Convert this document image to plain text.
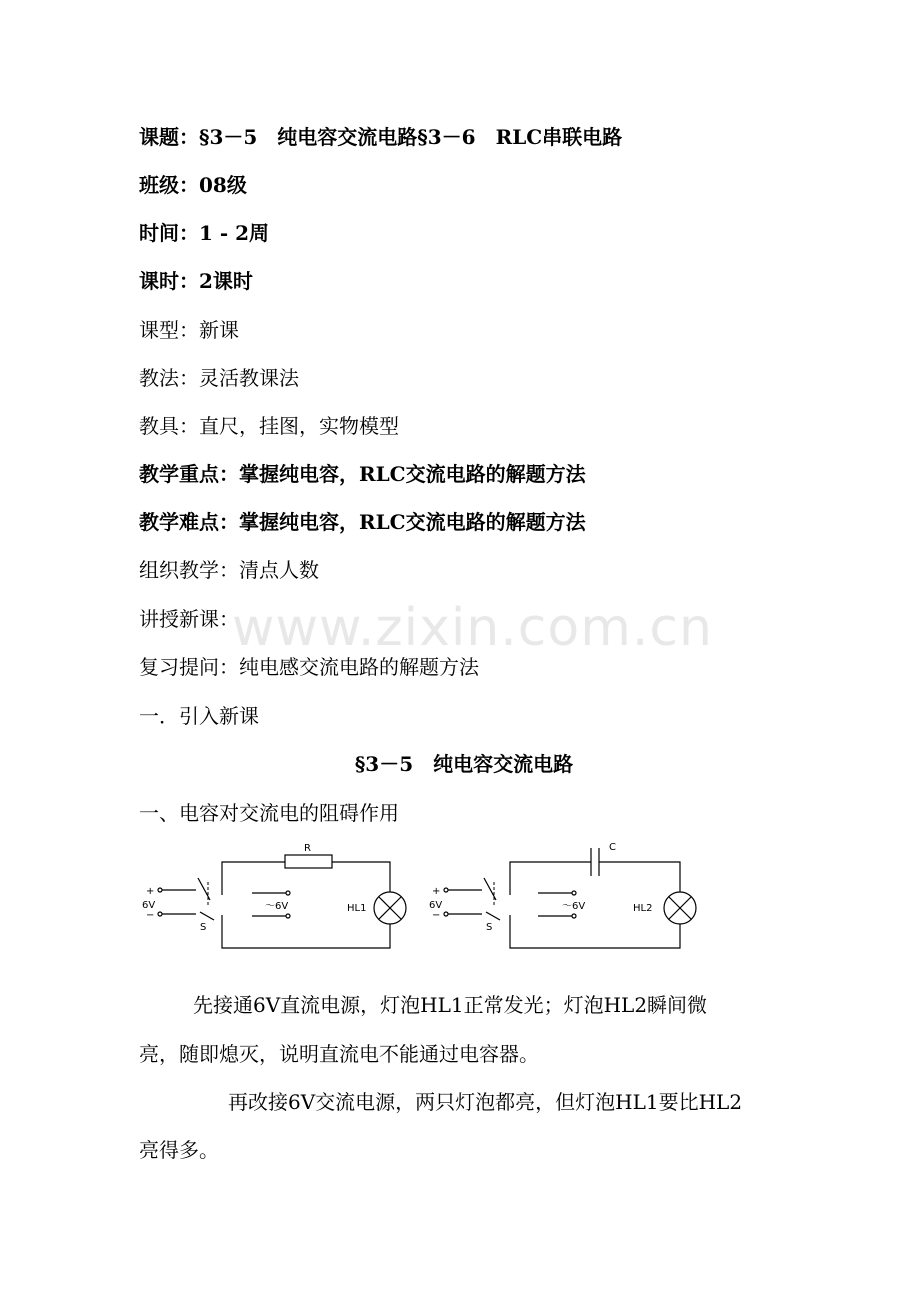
课题：§3－5　纯电容交流电路§3－6　RLC串联电路
班级：08级
时间：1 - 2周
课时：2课时
课型：新课
教法：灵活教课法
教具：直尺，挂图，实物模型
教学重点：掌握纯电容，RLC交流电路的解题方法
教学难点：掌握纯电容，RLC交流电路的解题方法
组织教学：清点人数
讲授新课：
复习提问：纯电感交流电路的解题方法
一．引入新课
§3－5　纯电容交流电路
一、电容对交流电的阻碍作用
www.zixin.com.cn
R
+
6V
−
S
～6V	HL1
C
+
6V
−
S
～6V	HL2
先接通6V直流电源，灯泡HL1正常发光；灯泡HL2瞬间微
亮，随即熄灭，说明直流电不能通过电容器。
再改接6V交流电源，两只灯泡都亮，但灯泡HL1要比HL2
亮得多。
